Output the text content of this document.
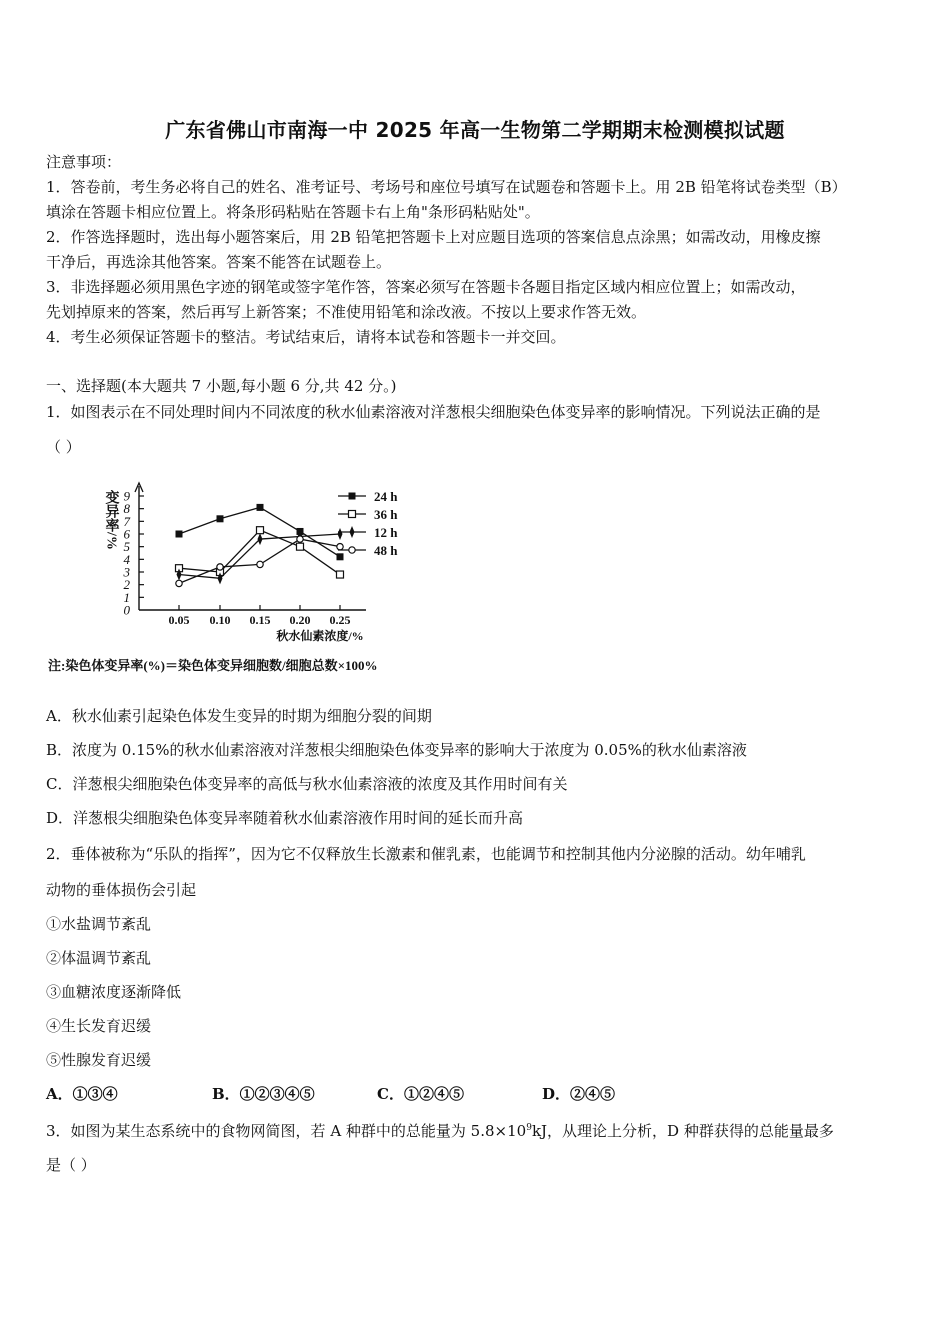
广东省佛山市南海一中 2025 年高一生物第二学期期末检测模拟试题
注意事项：
1．答卷前，考生务必将自己的姓名、准考证号、考场号和座位号填写在试题卷和答题卡上。用 2B 铅笔将试卷类型（B）
填涂在答题卡相应位置上。将条形码粘贴在答题卡右上角"条形码粘贴处"。
2．作答选择题时，选出每小题答案后，用 2B 铅笔把答题卡上对应题目选项的答案信息点涂黑；如需改动，用橡皮擦
干净后，再选涂其他答案。答案不能答在试题卷上。
3．非选择题必须用黑色字迹的钢笔或签字笔作答，答案必须写在答题卡各题目指定区域内相应位置上；如需改动，
先划掉原来的答案，然后再写上新答案；不准使用铅笔和涂改液。不按以上要求作答无效。
4．考生必须保证答题卡的整洁。考试结束后，请将本试卷和答题卡一并交回。
一、选择题(本大题共 7 小题,每小题 6 分,共 42 分。)
1．如图表示在不同处理时间内不同浓度的秋水仙素溶液对洋葱根尖细胞染色体变异率的影响情况。下列说法正确的是
（ ）
0
1
2
3
4
5
6
7
8
9
0.05 0.10 0.15 0.20 0.25
变异率/%
秋水仙素浓度/%
24 h
36 h
12 h
48 h
注:染色体变异率(%)＝染色体变异细胞数/细胞总数×100%
A．秋水仙素引起染色体发生变异的时期为细胞分裂的间期
B．浓度为 0.15%的秋水仙素溶液对洋葱根尖细胞染色体变异率的影响大于浓度为 0.05%的秋水仙素溶液
C．洋葱根尖细胞染色体变异率的高低与秋水仙素溶液的浓度及其作用时间有关
D．洋葱根尖细胞染色体变异率随着秋水仙素溶液作用时间的延长而升高
2．垂体被称为“乐队的指挥”，因为它不仅释放生长激素和催乳素，也能调节和控制其他内分泌腺的活动。幼年哺乳
动物的垂体损伤会引起
①水盐调节紊乱
②体温调节紊乱
③血糖浓度逐渐降低
④生长发育迟缓
⑤性腺发育迟缓
A．①③④	B．①②③④⑤	C．①②④⑤	D．②④⑤
3．如图为某生态系统中的食物网简图，若 A 种群中的总能量为 $5.8\times 10^9kJ$，从理论上分析，D 种群获得的总能量最多
是（ ）
